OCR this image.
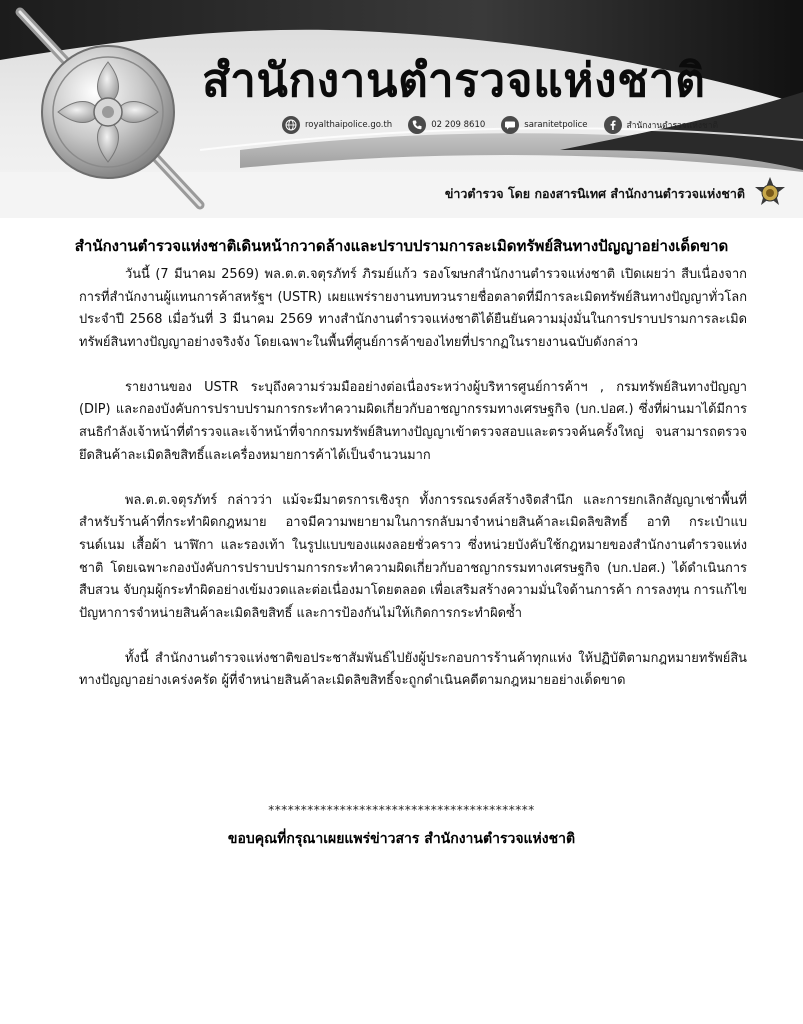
สำนักงานตำรวจแห่งชาติ
royalthaipolice.go.th	02 209 8610	saranitetpolice	สำนักงานตำรวจแห่งชาติ
ข่าวตำรวจ โดย กองสารนิเทศ สำนักงานตำรวจแห่งชาติ
สำนักงานตำรวจแห่งชาติเดินหน้ากวาดล้างและปราบปรามการละเมิดทรัพย์สินทางปัญญาอย่างเด็ดขาด

วันนี้ (7 มีนาคม 2569) พล.ต.ต.จตุรภัทร์ ภิรมย์แก้ว รองโฆษกสำนักงานตำรวจแห่งชาติ เปิดเผยว่า สืบเนื่องจากการที่สำนักงานผู้แทนการค้าสหรัฐฯ (USTR) เผยแพร่รายงานทบทวนรายชื่อตลาดที่มีการละเมิดทรัพย์สินทางปัญญาทั่วโลก ประจำปี 2568 เมื่อวันที่ 3 มีนาคม 2569 ทางสำนักงานตำรวจแห่งชาติได้ยืนยันความมุ่งมั่นในการปราบปรามการละเมิดทรัพย์สินทางปัญญาอย่างจริงจัง โดยเฉพาะในพื้นที่ศูนย์การค้าของไทยที่ปรากฏในรายงานฉบับดังกล่าว

รายงานของ USTR ระบุถึงความร่วมมืออย่างต่อเนื่องระหว่างผู้บริหารศูนย์การค้าฯ , กรมทรัพย์สินทางปัญญา (DIP) และกองบังคับการปราบปรามการกระทำความผิดเกี่ยวกับอาชญากรรมทางเศรษฐกิจ (บก.ปอศ.) ซึ่งที่ผ่านมาได้มีการสนธิกำลังเจ้าหน้าที่ตำรวจและเจ้าหน้าที่จากกรมทรัพย์สินทางปัญญาเข้าตรวจสอบและตรวจค้นครั้งใหญ่ จนสามารถตรวจยึดสินค้าละเมิดลิขสิทธิ์และเครื่องหมายการค้าได้เป็นจำนวนมาก

พล.ต.ต.จตุรภัทร์ กล่าวว่า แม้จะมีมาตรการเชิงรุก ทั้งการรณรงค์สร้างจิตสำนึก และการยกเลิกสัญญาเช่าพื้นที่สำหรับร้านค้าที่กระทำผิดกฎหมาย อาจมีความพยายามในการกลับมาจำหน่ายสินค้าละเมิดลิขสิทธิ์ อาทิ กระเป๋าแบรนด์เนม เสื้อผ้า นาฬิกา และรองเท้า ในรูปแบบของแผงลอยชั่วคราว ซึ่งหน่วยบังคับใช้กฎหมายของสำนักงานตำรวจแห่งชาติ โดยเฉพาะกองบังคับการปราบปรามการกระทำความผิดเกี่ยวกับอาชญากรรมทางเศรษฐกิจ (บก.ปอศ.) ได้ดำเนินการสืบสวน จับกุมผู้กระทำผิดอย่างเข้มงวดและต่อเนื่องมาโดยตลอด เพื่อเสริมสร้างความมั่นใจด้านการค้า การลงทุน การแก้ไขปัญหาการจำหน่ายสินค้าละเมิดลิขสิทธิ์ และการป้องกันไม่ให้เกิดการกระทำผิดซ้ำ

ทั้งนี้ สำนักงานตำรวจแห่งชาติขอประชาสัมพันธ์ไปยังผู้ประกอบการร้านค้าทุกแห่ง ให้ปฏิบัติตามกฎหมายทรัพย์สินทางปัญญาอย่างเคร่งครัด ผู้ที่จำหน่ายสินค้าละเมิดลิขสิทธิ์จะถูกดำเนินคดีตามกฎหมายอย่างเด็ดขาด

*****************************************
ขอบคุณที่กรุณาเผยแพร่ข่าวสาร สำนักงานตำรวจแห่งชาติ
